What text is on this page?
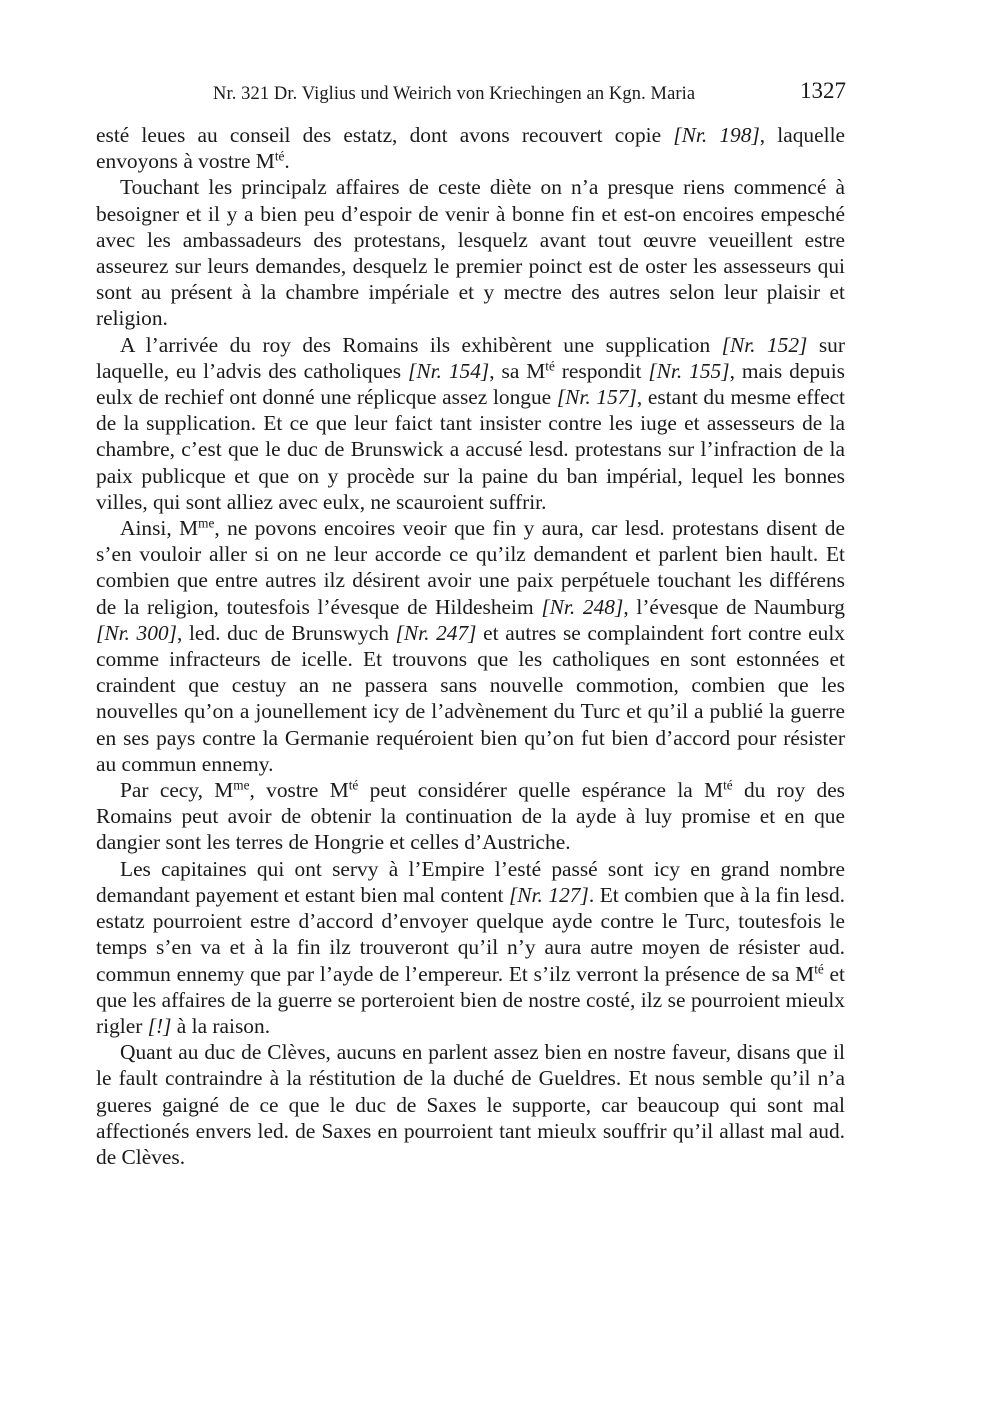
Nr. 321 Dr. Viglius und Weirich von Kriechingen an Kgn. Maria	1327

esté leues au conseil des estatz, dont avons recouvert copie [Nr. 198], laquelle envoyons à vostre $M^{té}$.

Touchant les principalz affaires de ceste diète on n’a presque riens commencé à besoigner et il y a bien peu d’espoir de venir à bonne fin et est-on encoires empesché avec les ambassadeurs des protestans, lesquelz avant tout œuvre veueillent estre asseurez sur leurs demandes, desquelz le premier poinct est de oster les assesseurs qui sont au présent à la chambre impériale et y mectre des autres selon leur plaisir et religion.

A l’arrivée du roy des Romains ils exhibèrent une supplication [Nr. 152] sur laquelle, eu l’advis des catholiques [Nr. 154], sa $M^{té}$ respondit [Nr. 155], mais depuis eulx de rechief ont donné une réplicque assez longue [Nr. 157], estant du mesme effect de la supplication. Et ce que leur faict tant insister contre les iuge et assesseurs de la chambre, c’est que le duc de Brunswick a accusé lesd. protestans sur l’infraction de la paix publicque et que on y procède sur la paine du ban impérial, lequel les bonnes villes, qui sont alliez avec eulx, ne scauroient suffrir.

Ainsi, $M^{me}$, ne povons encoires veoir que fin y aura, car lesd. protestans disent de s’en vouloir aller si on ne leur accorde ce qu’ilz demandent et parlent bien hault. Et combien que entre autres ilz désirent avoir une paix perpétuele touchant les différens de la religion, toutesfois l’évesque de Hildesheim [Nr. 248], l’évesque de Naumburg [Nr. 300], led. duc de Brunswych [Nr. 247] et autres se complaindent fort contre eulx comme infracteurs de icelle. Et trouvons que les catholiques en sont estonnées et craindent que cestuy an ne passera sans nouvelle commotion, combien que les nouvelles qu’on a jounellement icy de l’advènement du Turc et qu’il a publié la guerre en ses pays contre la Germanie requéroient bien qu’on fut bien d’accord pour résister au commun ennemy.

Par cecy, $M^{me}$, vostre $M^{té}$ peut considérer quelle espérance la $M^{té}$ du roy des Romains peut avoir de obtenir la continuation de la ayde à luy promise et en que dangier sont les terres de Hongrie et celles d’Austriche.

Les capitaines qui ont servy à l’Empire l’esté passé sont icy en grand nombre demandant payement et estant bien mal content [Nr. 127]. Et combien que à la fin lesd. estatz pourroient estre d’accord d’envoyer quelque ayde contre le Turc, toutesfois le temps s’en va et à la fin ilz trouveront qu’il n’y aura autre moyen de résister aud. commun ennemy que par l’ayde de l’empereur. Et s’ilz verront la présence de sa $M^{té}$ et que les affaires de la guerre se porteroient bien de nostre costé, ilz se pourroient mieulx rigler [!] à la raison.

Quant au duc de Clèves, aucuns en parlent assez bien en nostre faveur, disans que il le fault contraindre à la réstitution de la duché de Gueldres. Et nous semble qu’il n’a gueres gaigné de ce que le duc de Saxes le supporte, car beaucoup qui sont mal affectionés envers led. de Saxes en pourroient tant mieulx souffrir qu’il allast mal aud. de Clèves.
